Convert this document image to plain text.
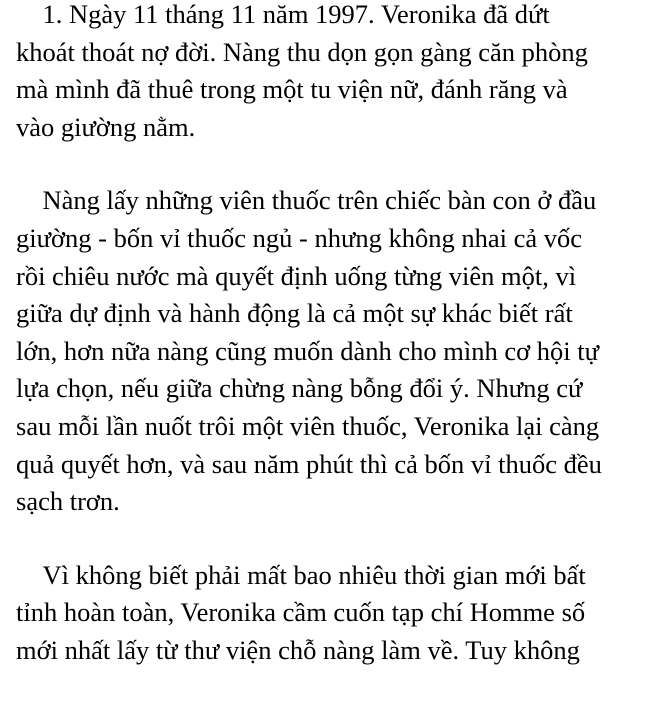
1. Ngày 11 tháng 11 năm 1997. Veronika đã dứt
khoát thoát nợ đời. Nàng thu dọn gọn gàng căn phòng
mà mình đã thuê trong một tu viện nữ, đánh răng và
vào giường nằm.

Nàng lấy những viên thuốc trên chiếc bàn con ở đầu
giường - bốn vỉ thuốc ngủ - nhưng không nhai cả vốc
rồi chiêu nước mà quyết định uống từng viên một, vì
giữa dự định và hành động là cả một sự khác biết rất
lớn, hơn nữa nàng cũng muốn dành cho mình cơ hội tự
lựa chọn, nếu giữa chừng nàng bỗng đổi ý. Nhưng cứ
sau mỗi lần nuốt trôi một viên thuốc, Veronika lại càng
quả quyết hơn, và sau năm phút thì cả bốn vỉ thuốc đều
sạch trơn.

Vì không biết phải mất bao nhiêu thời gian mới bất
tỉnh hoàn toàn, Veronika cầm cuốn tạp chí Homme số
mới nhất lấy từ thư viện chỗ nàng làm về. Tuy không
